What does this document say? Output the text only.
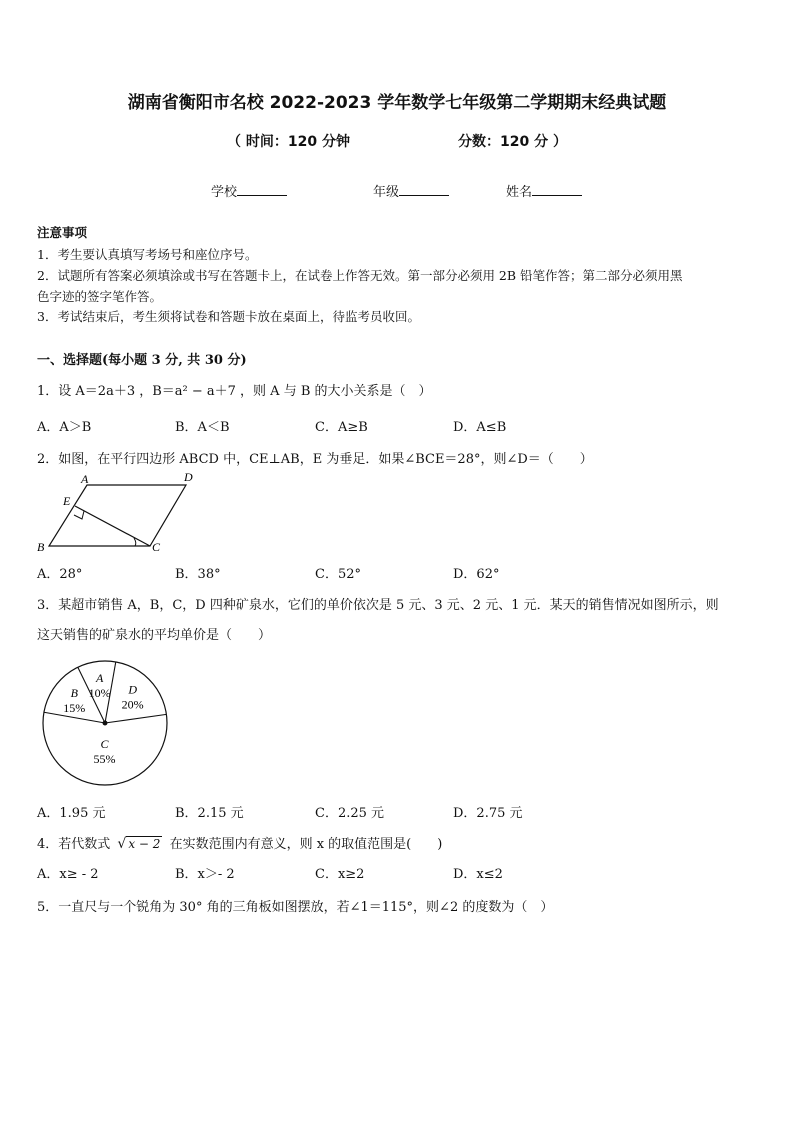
湖南省衡阳市名校 2022-2023 学年数学七年级第二学期期末经典试题
（ 时间：120 分钟	分数：120 分 ）
学校	年级	姓名
注意事项
1．考生要认真填写考场号和座位序号。
2．试题所有答案必须填涂或书写在答题卡上，在试卷上作答无效。第一部分必须用 2B 铅笔作答；第二部分必须用黑
色字迹的签字笔作答。
3．考试结束后，考生须将试卷和答题卡放在桌面上，待监考员收回。
一、选择题(每小题 3 分, 共 30 分)
1．设 A＝2a＋3 ，B＝a² − a＋7 ，则 A 与 B 的大小关系是（　）
A．A＞B	B．A＜B	C．A≥B	D．A≤B
2．如图，在平行四边形 ABCD 中，CE⊥AB，E 为垂足．如果∠BCE＝28°，则∠D＝（　　）
A	D
E
B	C
A．28°	B．38°	C．52°	D．62°
3．某超市销售 A，B，C，D 四种矿泉水，它们的单价依次是 5 元、3 元、2 元、1 元．某天的销售情况如图所示，则
这天销售的矿泉水的平均单价是（　　）
D
20%
C
55%
B
15%
A
10%
A．1.95 元	B．2.15 元	C．2.25 元	D．2.75 元
4．若代数式 √ x − 2 在实数范围内有意义，则 x 的取值范围是(　　)
A．x≥ - 2	B．x＞- 2	C．x≥2	D．x≤2
5．一直尺与一个锐角为 30° 角的三角板如图摆放，若∠1＝115°，则∠2 的度数为（　）
